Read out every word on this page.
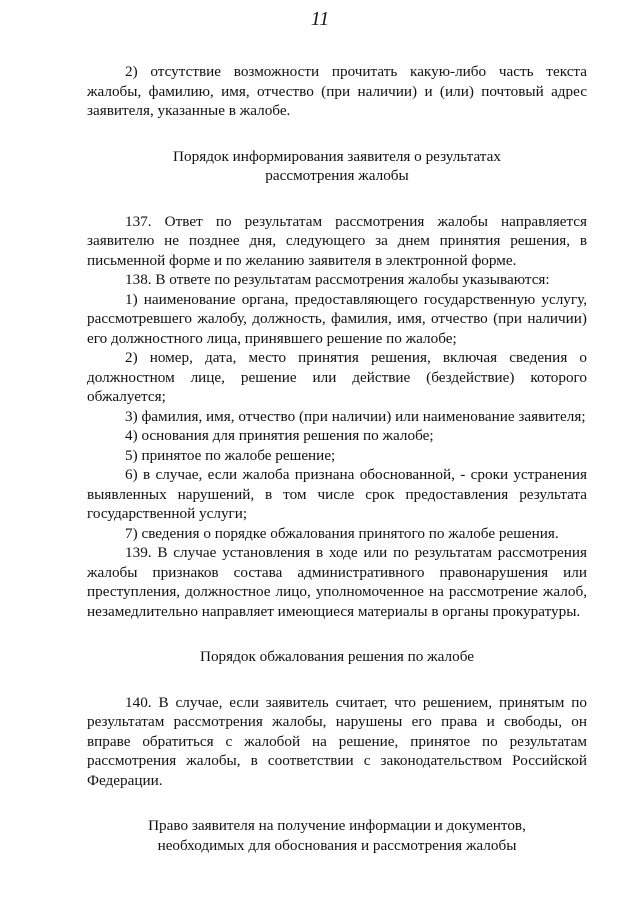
11

2) отсутствие возможности прочитать какую-либо часть текста жалобы, фамилию, имя, отчество (при наличии) и (или) почтовый адрес заявителя, указанные в жалобе.

Порядок информирования заявителя о результатах
рассмотрения жалобы

137. Ответ по результатам рассмотрения жалобы направляется заявителю не позднее дня, следующего за днем принятия решения, в письменной форме и по желанию заявителя в электронной форме.

138. В ответе по результатам рассмотрения жалобы указываются:

1) наименование органа, предоставляющего государственную услугу, рассмотревшего жалобу, должность, фамилия, имя, отчество (при наличии) его должностного лица, принявшего решение по жалобе;

2) номер, дата, место принятия решения, включая сведения о должностном лице, решение или действие (бездействие) которого обжалуется;

3) фамилия, имя, отчество (при наличии) или наименование заявителя;

4) основания для принятия решения по жалобе;

5) принятое по жалобе решение;

6) в случае, если жалоба признана обоснованной, - сроки устранения выявленных нарушений, в том числе срок предоставления результата государственной услуги;

7) сведения о порядке обжалования принятого по жалобе решения.

139. В случае установления в ходе или по результатам рассмотрения жалобы признаков состава административного правонарушения или преступления, должностное лицо, уполномоченное на рассмотрение жалоб, незамедлительно направляет имеющиеся материалы в органы прокуратуры.

Порядок обжалования решения по жалобе

140. В случае, если заявитель считает, что решением, принятым по результатам рассмотрения жалобы, нарушены его права и свободы, он вправе обратиться с жалобой на решение, принятое по результатам рассмотрения жалобы, в соответствии с законодательством Российской Федерации.

Право заявителя на получение информации и документов,
необходимых для обоснования и рассмотрения жалобы
